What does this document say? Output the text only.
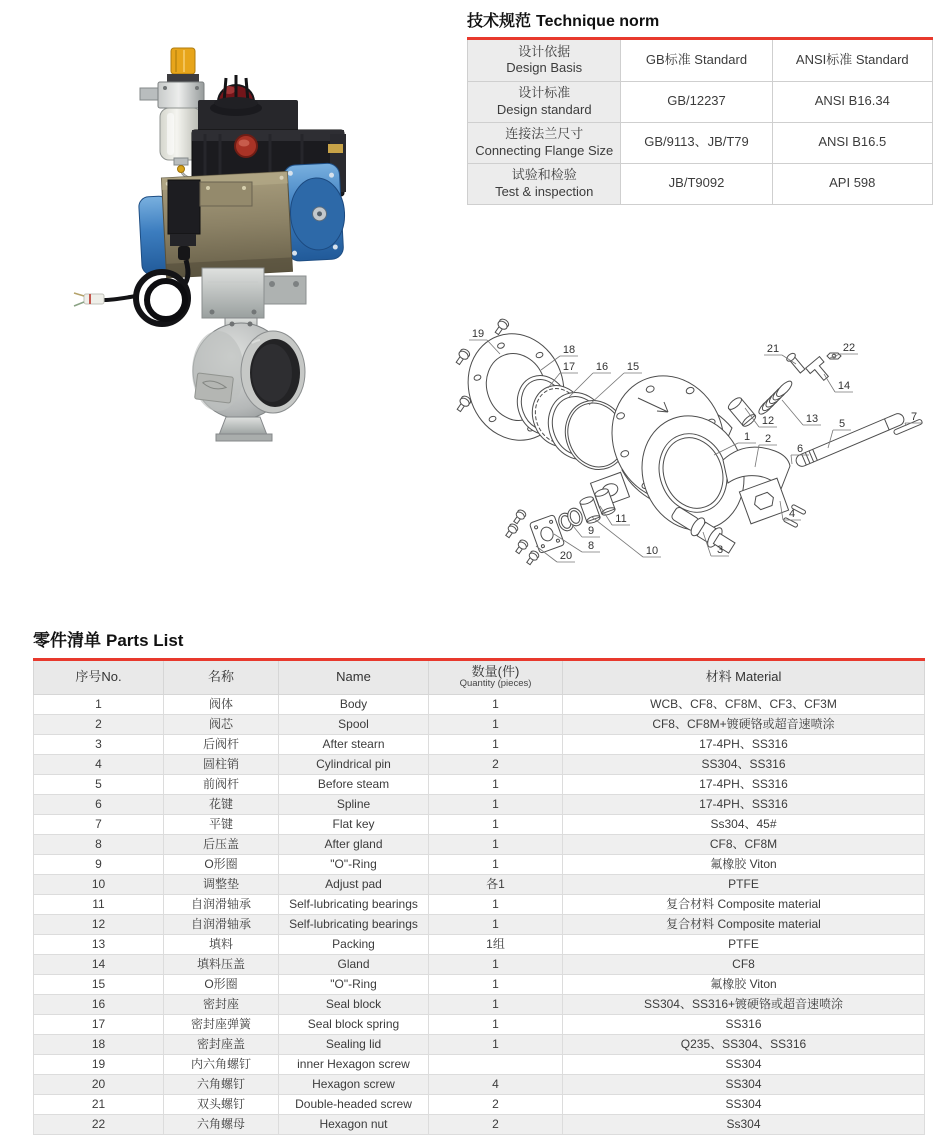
技术规范 Technique norm
设计依据
Design Basis	GB标准 Standard	ANSI标准 Standard

设计标准
Design standard	GB/12237	ANSI B16.34

连接法兰尺寸
Connecting Flange Size	GB/9113、JB/T79	ANSI B16.5

试验和检验
Test & inspection	JB/T9092	API 598
19
18
17 16 15
21	22
14
13
12	7
5
6
1 2
4
3
11
9
10
8
20
零件清单 Parts List
序号No.	名称	Name	数量(件)
Quantity (pieces)	材料 Material
1	阀体	Body	1	WCB、CF8、CF8M、CF3、CF3M
2	阀芯	Spool	1	CF8、CF8M+镀硬铬或超音速喷涂
3	后阀杆	After stearn	1	17-4PH、SS316
4	圆柱销	Cylindrical pin	2	SS304、SS316
5	前阀杆	Before steam	1	17-4PH、SS316
6	花键	Spline	1	17-4PH、SS316
7	平键	Flat key	1	Ss304、45#
8	后压盖	After gland	1	CF8、CF8M
9	O形圈	"O"-Ring	1	氟橡胶 Viton
10	调整垫	Adjust pad	各1	PTFE
11	自润滑轴承	Self-lubricating bearings	1	复合材料 Composite material
12	自润滑轴承	Self-lubricating bearings	1	复合材料 Composite material
13	填料	Packing	1组	PTFE
14	填料压盖	Gland	1	CF8
15	O形圈	"O"-Ring	1	氟橡胶 Viton
16	密封座	Seal block	1	SS304、SS316+镀硬铬或超音速喷涂
17	密封座弹簧	Seal block spring	1	SS316
18	密封座盖	Sealing lid	1	Q235、SS304、SS316
19	内六角螺钉	inner Hexagon screw		SS304
20	六角螺钉	Hexagon screw	4	SS304
21	双头螺钉	Double-headed screw	2	SS304
22	六角螺母	Hexagon nut	2	Ss304
